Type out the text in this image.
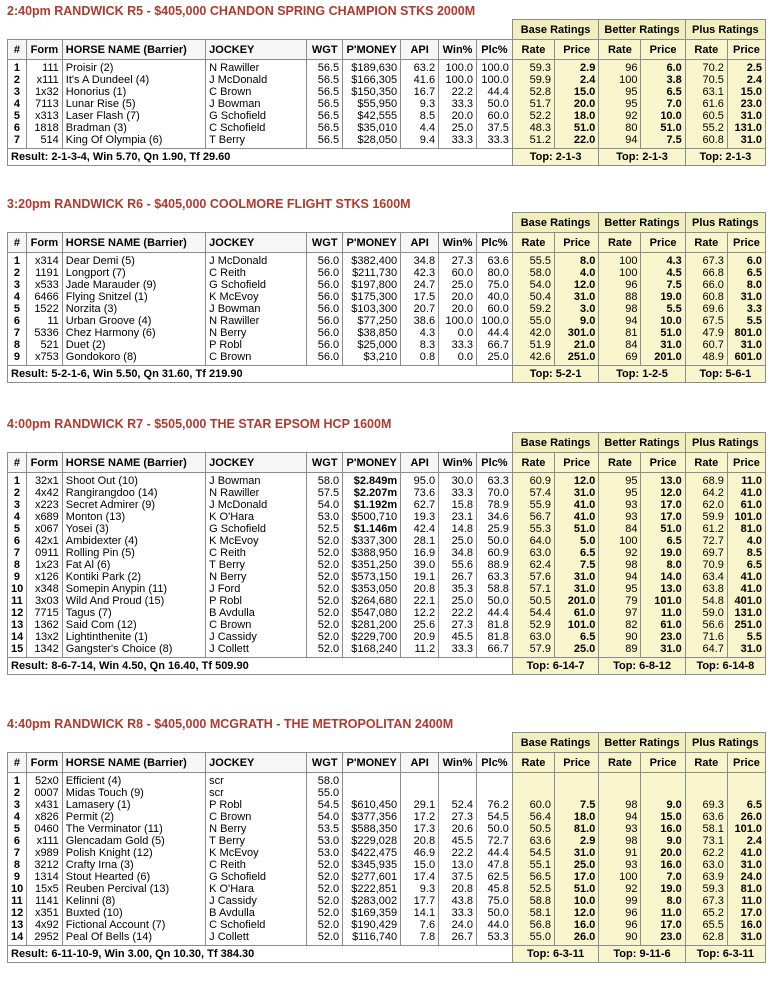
2:40pm RANDWICK R5 - $405,000 CHANDON SPRING CHAMPION STKS 2000M
									Base Ratings		Better Ratings		Plus Ratings	
#	Form	HORSE NAME (Barrier)	JOCKEY	WGT	P'MONEY	API	Win%	Plc%	Rate	Price	Rate	Price	Rate	Price
1	111	Proisir (2)	N Rawiller	56.5	$189,630	63.2	100.0	100.0	59.3	2.9	96	6.0	70.2	2.5
2	x111	It's A Dundeel (4)	J McDonald	56.5	$166,305	41.6	100.0	100.0	59.9	2.4	100	3.8	70.5	2.4
3	1x32	Honorius (1)	C Brown	56.5	$150,350	16.7	22.2	44.4	52.8	15.0	95	6.5	63.1	15.0
4	7113	Lunar Rise (5)	J Bowman	56.5	$55,950	9.3	33.3	50.0	51.7	20.0	95	7.0	61.6	23.0
5	x313	Laser Flash (7)	G Schofield	56.5	$42,555	8.5	20.0	60.0	52.2	18.0	92	10.0	60.5	31.0
6	1818	Bradman (3)	C Schofield	56.5	$35,010	4.4	25.0	37.5	48.3	51.0	80	51.0	55.2	131.0
7	514	King Of Olympia (6)	T Berry	56.5	$28,050	9.4	33.3	33.3	51.2	22.0	94	7.5	60.8	31.0
Result: 2-1-3-4, Win 5.70, Qn 1.90, Tf 29.60									Top: 2-1-3		Top: 2-1-3		Top: 2-1-3	
3:20pm RANDWICK R6 - $405,000 COOLMORE FLIGHT STKS 1600M
									Base Ratings		Better Ratings		Plus Ratings	
#	Form	HORSE NAME (Barrier)	JOCKEY	WGT	P'MONEY	API	Win%	Plc%	Rate	Price	Rate	Price	Rate	Price
1	x314	Dear Demi (5)	J McDonald	56.0	$382,400	34.8	27.3	63.6	55.5	8.0	100	4.3	67.3	6.0
2	1191	Longport (7)	C Reith	56.0	$211,730	42.3	60.0	80.0	58.0	4.0	100	4.5	66.8	6.5
3	x533	Jade Marauder (9)	G Schofield	56.0	$197,800	24.7	25.0	75.0	54.0	12.0	96	7.5	66.0	8.0
4	6466	Flying Snitzel (1)	K McEvoy	56.0	$175,300	17.5	20.0	40.0	50.4	31.0	88	19.0	60.8	31.0
5	1522	Norzita (3)	J Bowman	56.0	$103,300	20.7	20.0	60.0	59.2	3.0	98	5.5	69.6	3.3
6	11	Urban Groove (4)	N Rawiller	56.0	$77,250	38.6	100.0	100.0	55.0	9.0	94	10.0	67.5	5.5
7	5336	Chez Harmony (6)	N Berry	56.0	$38,850	4.3	0.0	44.4	42.0	301.0	81	51.0	47.9	801.0
8	521	Duet (2)	P Robl	56.0	$25,000	8.3	33.3	66.7	51.9	21.0	84	31.0	60.7	31.0
9	x753	Gondokoro (8)	C Brown	56.0	$3,210	0.8	0.0	25.0	42.6	251.0	69	201.0	48.9	601.0
Result: 5-2-1-6, Win 5.50, Qn 31.60, Tf 219.90									Top: 5-2-1		Top: 1-2-5		Top: 5-6-1	
4:00pm RANDWICK R7 - $505,000 THE STAR EPSOM HCP 1600M
									Base Ratings		Better Ratings		Plus Ratings	
#	Form	HORSE NAME (Barrier)	JOCKEY	WGT	P'MONEY	API	Win%	Plc%	Rate	Price	Rate	Price	Rate	Price
1	32x1	Shoot Out (10)	J Bowman	58.0	$2.849m	95.0	30.0	63.3	60.9	12.0	95	13.0	68.9	11.0
2	4x42	Rangirangdoo (14)	N Rawiller	57.5	$2.207m	73.6	33.3	70.0	57.4	31.0	95	12.0	64.2	41.0
3	x223	Secret Admirer (9)	J McDonald	54.0	$1.192m	62.7	15.8	78.9	55.9	41.0	93	17.0	62.0	61.0
4	x689	Monton (13)	K O'Hara	53.0	$500,710	19.3	23.1	34.6	56.7	41.0	93	17.0	59.9	101.0
5	x067	Yosei (3)	G Schofield	52.5	$1.146m	42.4	14.8	25.9	55.3	51.0	84	51.0	61.2	81.0
6	42x1	Ambidexter (4)	K McEvoy	52.0	$337,300	28.1	25.0	50.0	64.0	5.0	100	6.5	72.7	4.0
7	0911	Rolling Pin (5)	C Reith	52.0	$388,950	16.9	34.8	60.9	63.0	6.5	92	19.0	69.7	8.5
8	1x23	Fat Al (6)	T Berry	52.0	$351,250	39.0	55.6	88.9	62.4	7.5	98	8.0	70.9	6.5
9	x126	Kontiki Park (2)	N Berry	52.0	$573,150	19.1	26.7	63.3	57.6	31.0	94	14.0	63.4	41.0
10	x348	Somepin Anypin (11)	J Ford	52.0	$353,050	20.8	35.3	58.8	57.1	31.0	95	13.0	63.8	41.0
11	3x03	Wild And Proud (15)	P Robl	52.0	$264,680	22.1	25.0	50.0	50.5	201.0	79	101.0	54.8	401.0
12	7715	Tagus (7)	B Avdulla	52.0	$547,080	12.2	22.2	44.4	54.4	61.0	97	11.0	59.0	131.0
13	1362	Said Com (12)	C Brown	52.0	$281,200	25.6	27.3	81.8	52.9	101.0	82	61.0	56.6	251.0
14	13x2	Lightinthenite (1)	J Cassidy	52.0	$229,700	20.9	45.5	81.8	63.0	6.5	90	23.0	71.6	5.5
15	1342	Gangster's Choice (8)	J Collett	52.0	$168,240	11.2	33.3	66.7	57.9	25.0	89	31.0	64.7	31.0
Result: 8-6-7-14, Win 4.50, Qn 16.40, Tf 509.90									Top: 6-14-7		Top: 6-8-12		Top: 6-14-8	
4:40pm RANDWICK R8 - $405,000 MCGRATH - THE METROPOLITAN 2400M
									Base Ratings		Better Ratings		Plus Ratings	
#	Form	HORSE NAME (Barrier)	JOCKEY	WGT	P'MONEY	API	Win%	Plc%	Rate	Price	Rate	Price	Rate	Price
1	52x0	Efficient (4)	scr	58.0										
2	0007	Midas Touch (9)	scr	55.0										
3	x431	Lamasery (1)	P Robl	54.5	$610,450	29.1	52.4	76.2	60.0	7.5	98	9.0	69.3	6.5
4	x826	Permit (2)	C Brown	54.0	$377,356	17.2	27.3	54.5	56.4	18.0	94	15.0	63.6	26.0
5	0460	The Verminator (11)	N Berry	53.5	$588,350	17.3	20.6	50.0	50.5	81.0	93	16.0	58.1	101.0
6	x111	Glencadam Gold (5)	T Berry	53.0	$229,028	20.8	45.5	72.7	63.6	2.9	98	9.0	73.1	2.4
7	x989	Polish Knight (12)	K McEvoy	53.0	$422,475	46.9	22.2	44.4	54.5	31.0	91	20.0	62.2	41.0
8	3212	Crafty Irna (3)	C Reith	52.0	$345,935	15.0	13.0	47.8	55.1	25.0	93	16.0	63.0	31.0
9	1314	Stout Hearted (6)	G Schofield	52.0	$277,601	17.4	37.5	62.5	56.5	17.0	100	7.0	63.9	24.0
10	15x5	Reuben Percival (13)	K O'Hara	52.0	$222,851	9.3	20.8	45.8	52.5	51.0	92	19.0	59.3	81.0
11	1141	Kelinni (8)	J Cassidy	52.0	$283,002	17.7	43.8	75.0	58.8	10.0	99	8.0	67.3	11.0
12	x351	Buxted (10)	B Avdulla	52.0	$169,359	14.1	33.3	50.0	58.1	12.0	96	11.0	65.2	17.0
13	4x92	Fictional Account (7)	C Schofield	52.0	$190,429	7.6	24.0	44.0	56.8	16.0	96	17.0	65.5	16.0
14	2952	Peal Of Bells (14)	J Collett	52.0	$116,740	7.8	26.7	53.3	55.0	26.0	90	23.0	62.8	31.0
Result: 6-11-10-9, Win 3.00, Qn 10.30, Tf 384.30									Top: 6-3-11		Top: 9-11-6		Top: 6-3-11	
